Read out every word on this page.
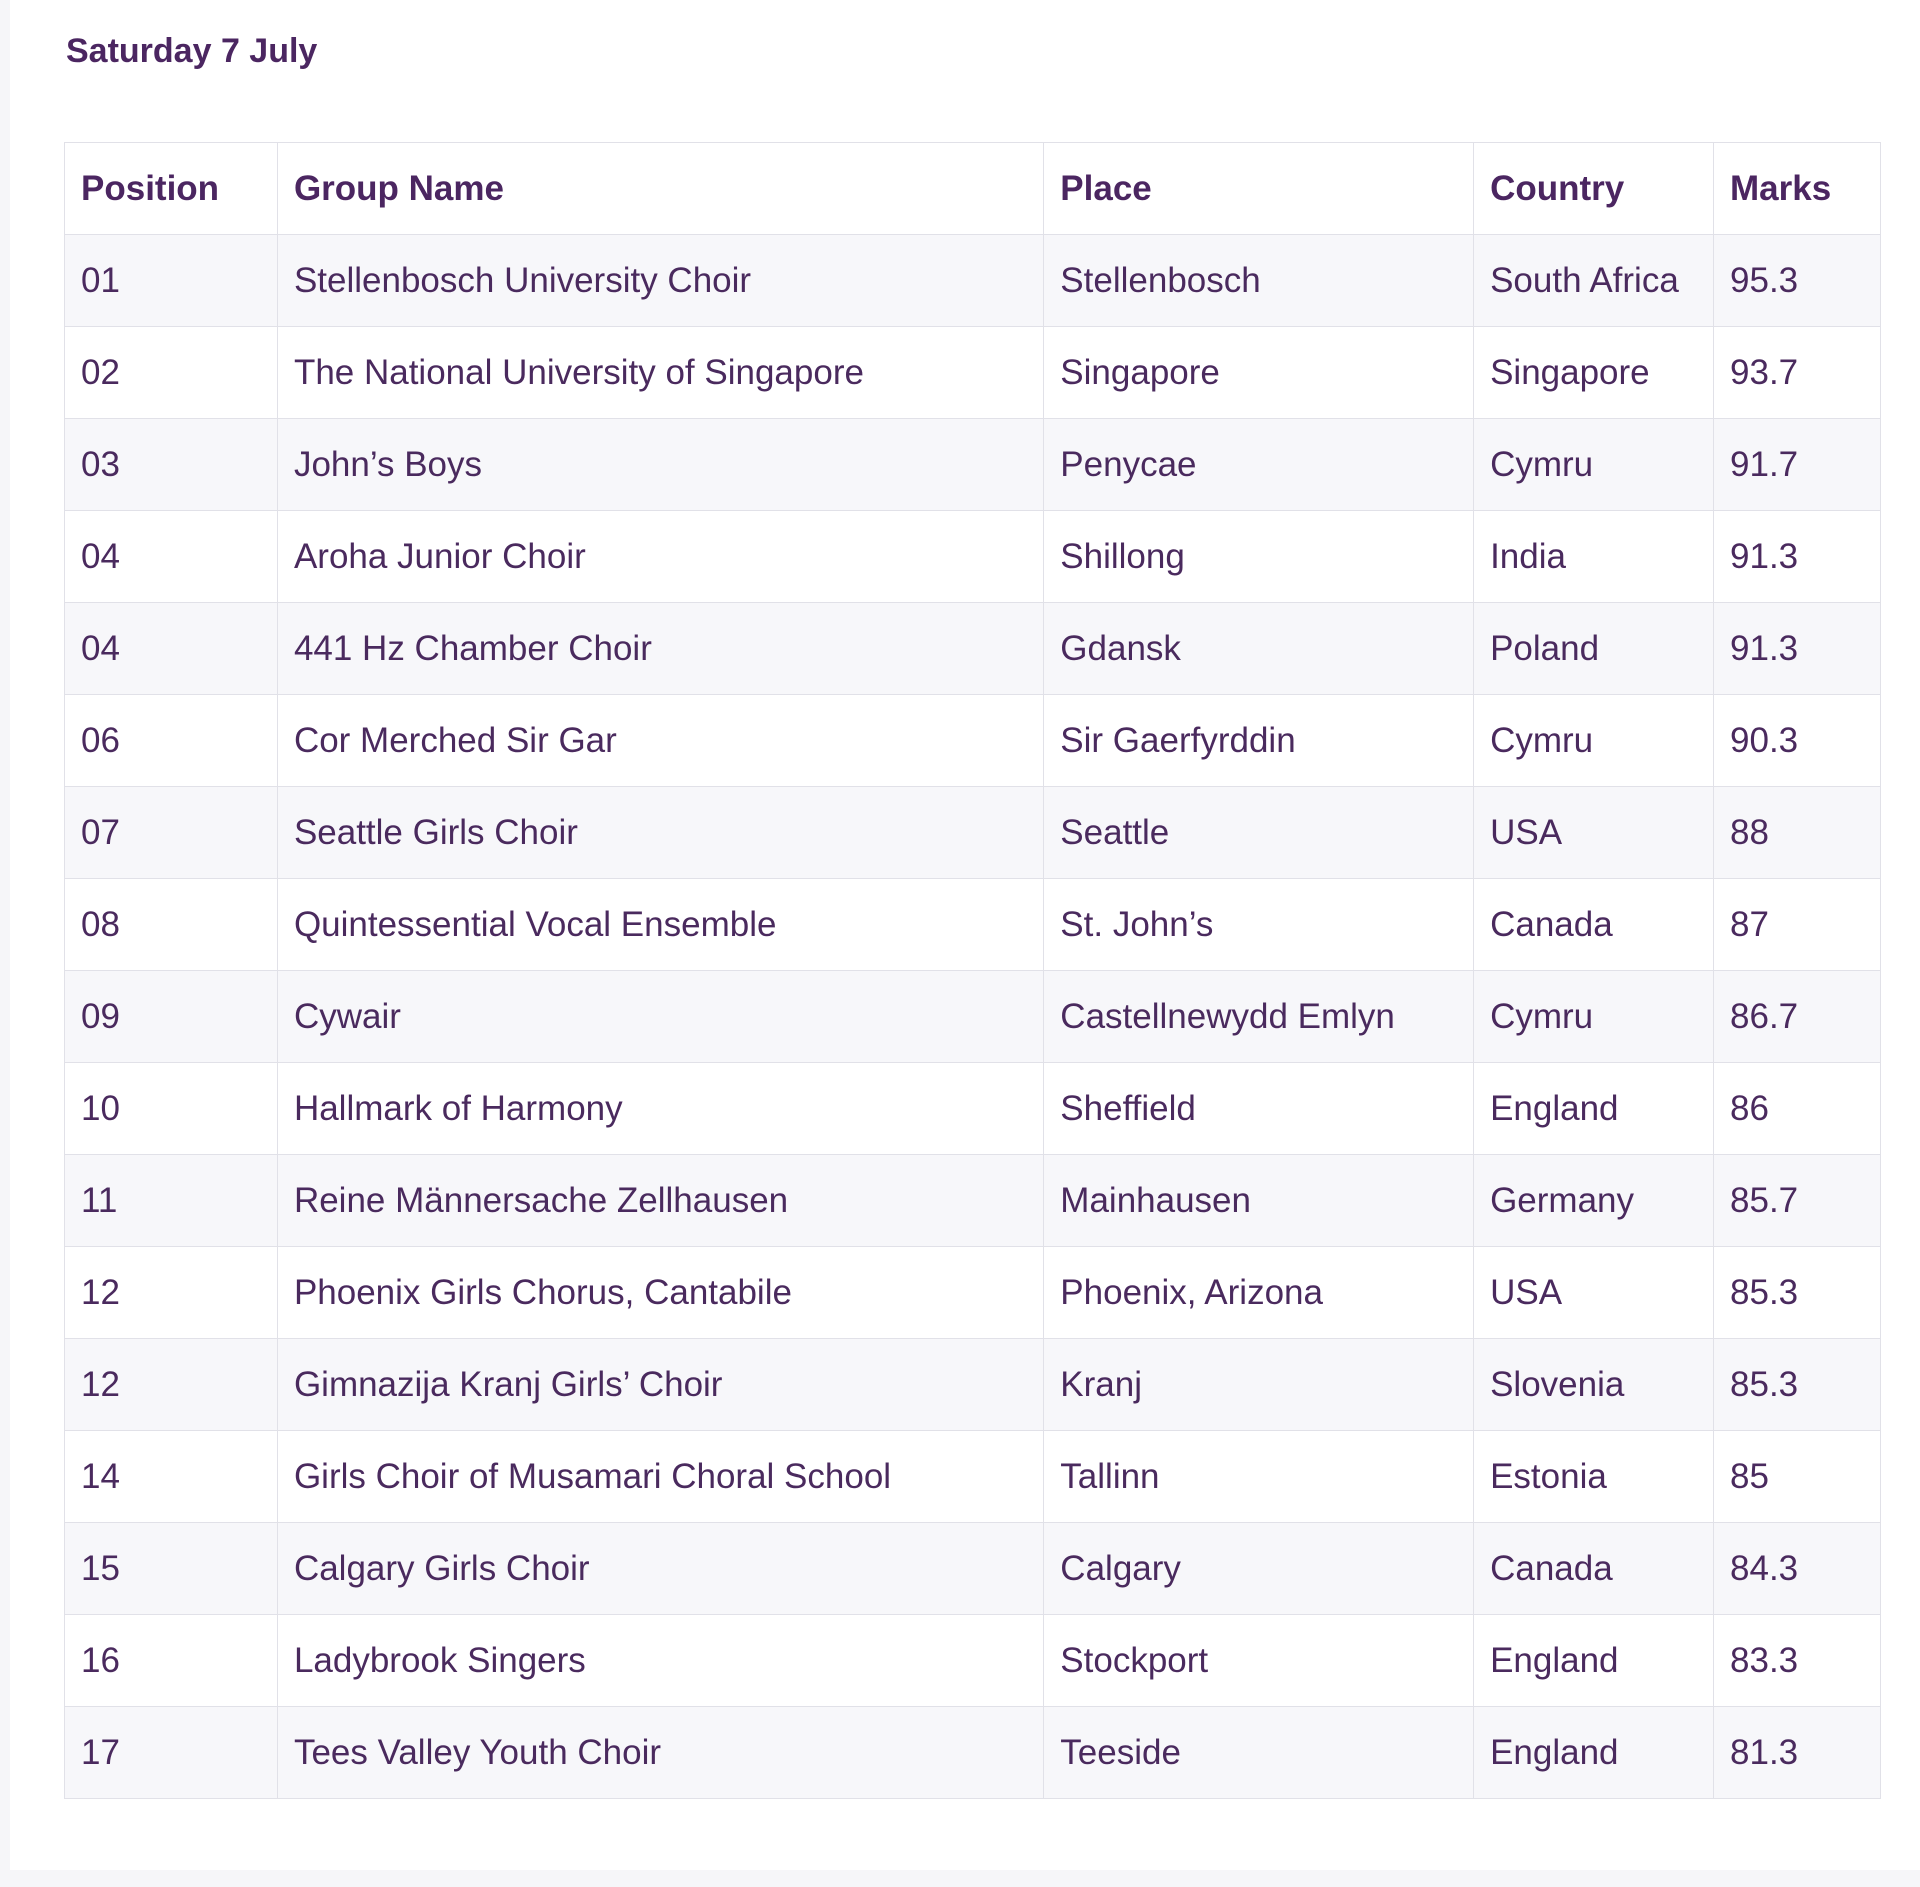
Saturday 7 July
Position	Group Name	Place	Country	Marks
01	Stellenbosch University Choir	Stellenbosch	South Africa	95.3
02	The National University of Singapore	Singapore	Singapore	93.7
03	John’s Boys	Penycae	Cymru	91.7
04	Aroha Junior Choir	Shillong	India	91.3
04	441 Hz Chamber Choir	Gdansk	Poland	91.3
06	Cor Merched Sir Gar	Sir Gaerfyrddin	Cymru	90.3
07	Seattle Girls Choir	Seattle	USA	88
08	Quintessential Vocal Ensemble	St. John’s	Canada	87
09	Cywair	Castellnewydd Emlyn	Cymru	86.7
10	Hallmark of Harmony	Sheffield	England	86
11	Reine Männersache Zellhausen	Mainhausen	Germany	85.7
12	Phoenix Girls Chorus, Cantabile	Phoenix, Arizona	USA	85.3
12	Gimnazija Kranj Girls’ Choir	Kranj	Slovenia	85.3
14	Girls Choir of Musamari Choral School	Tallinn	Estonia	85
15	Calgary Girls Choir	Calgary	Canada	84.3
16	Ladybrook Singers	Stockport	England	83.3
17	Tees Valley Youth Choir	Teeside	England	81.3
